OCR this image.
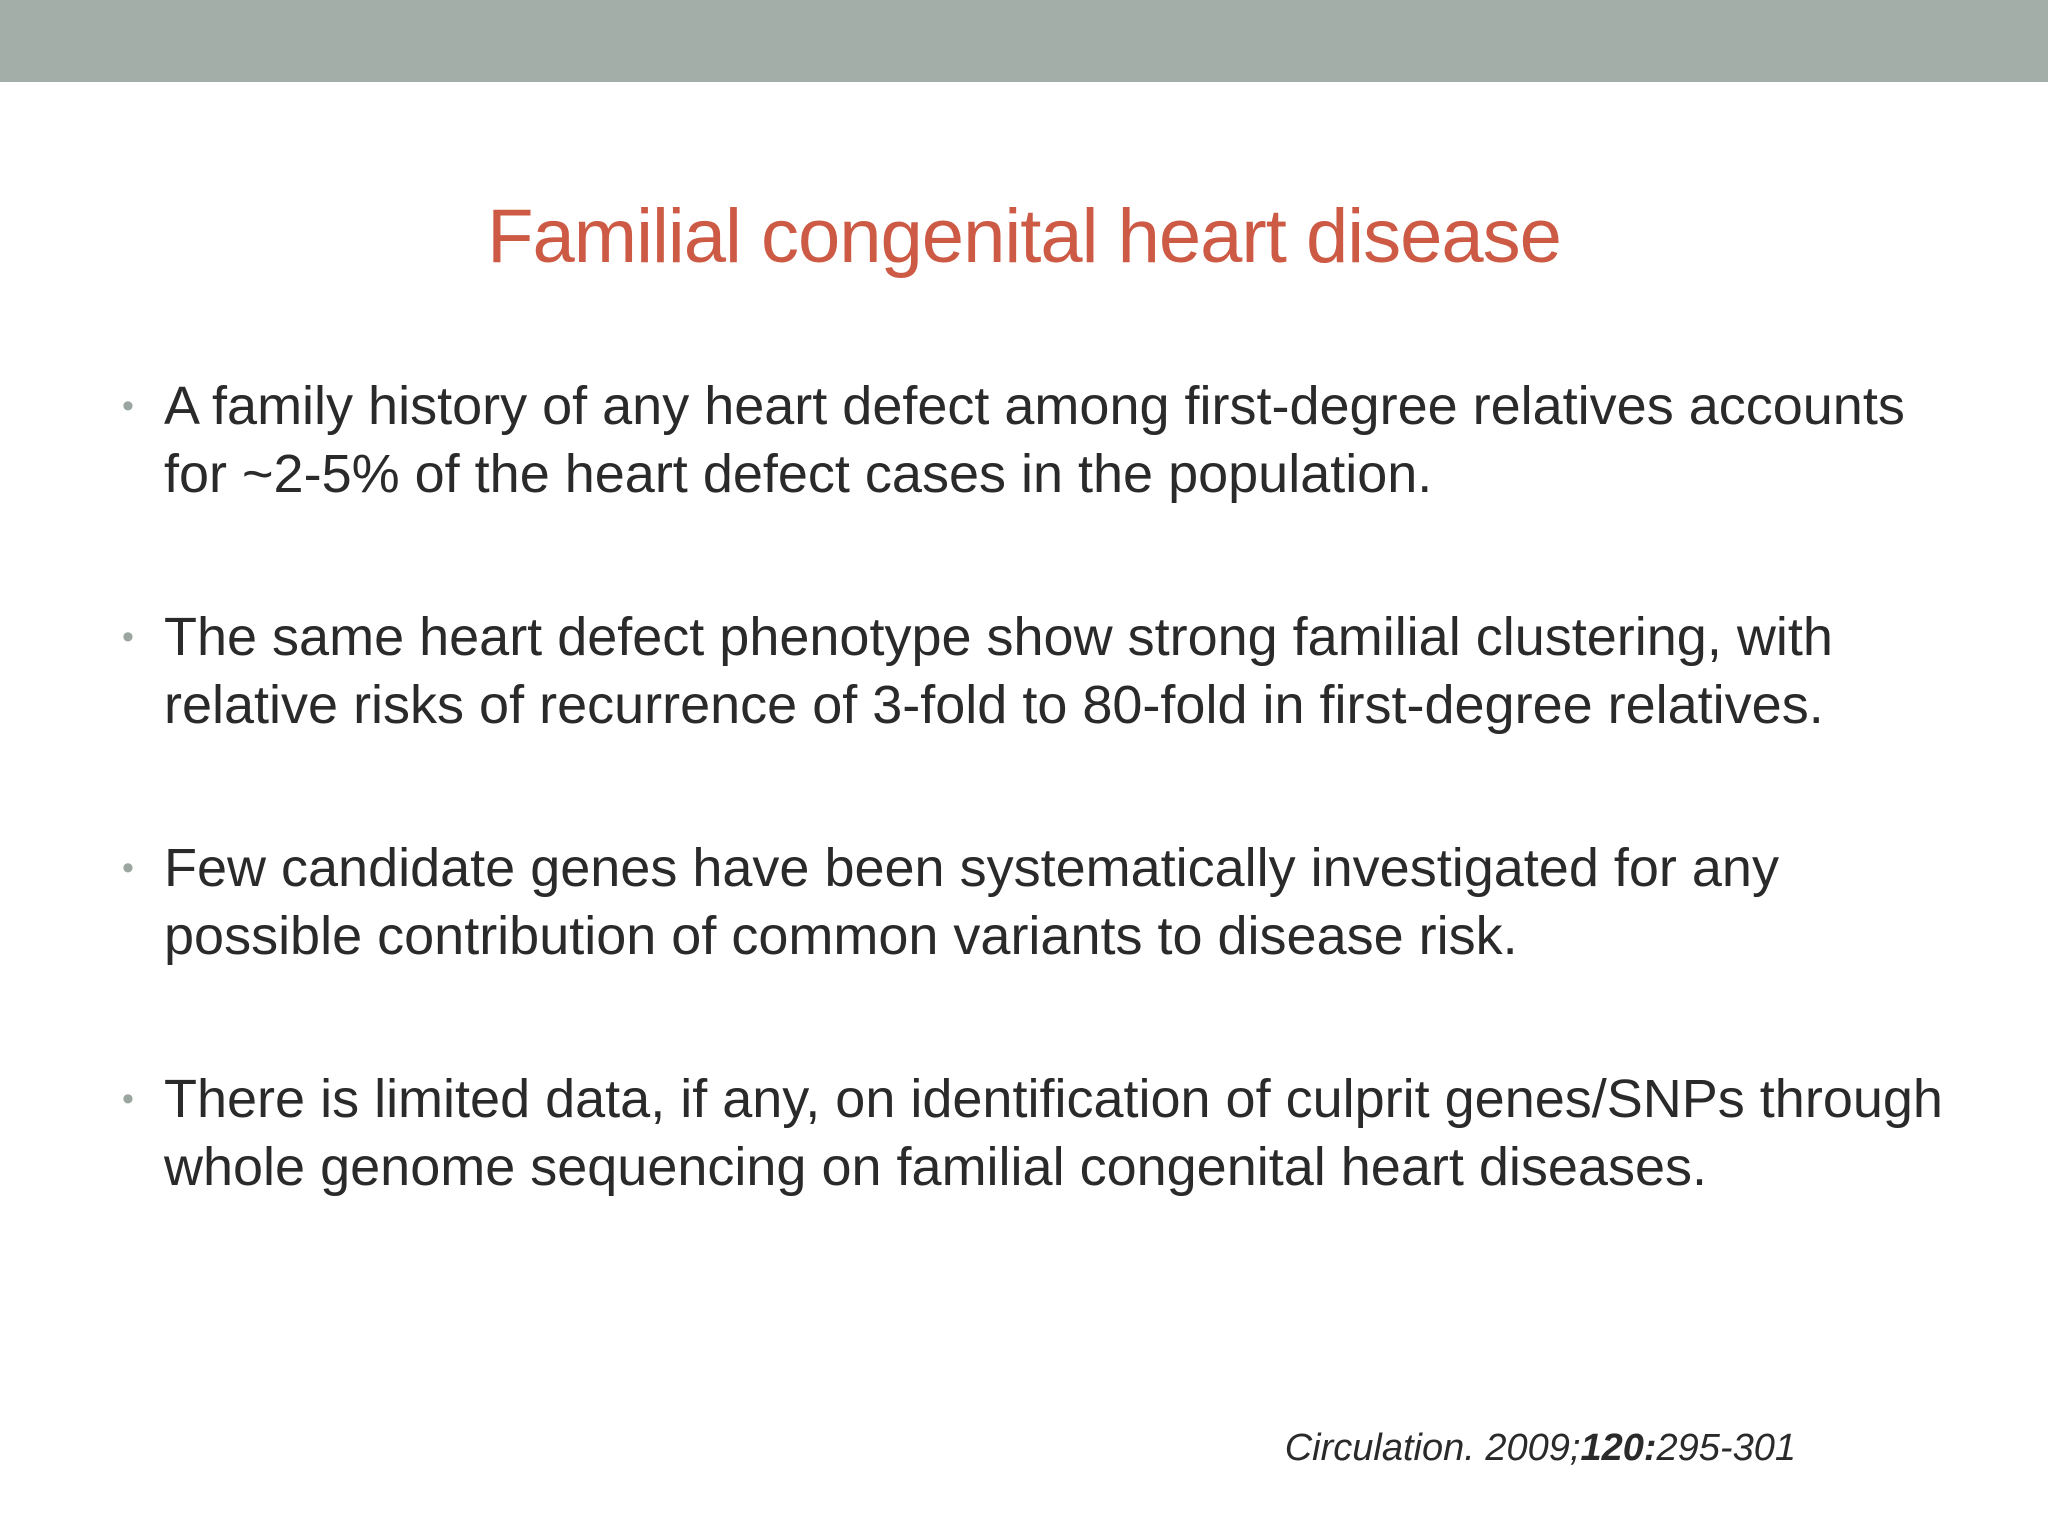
Familial congenital heart disease
• A family history of any heart defect among first-degree relatives accounts for ~2-5% of the heart defect cases in the population.
• The same heart defect phenotype show strong familial clustering, with relative risks of recurrence of 3-fold to 80-fold in first-degree relatives.
• Few candidate genes have been systematically investigated for any possible contribution of common variants to disease risk.
• There is limited data, if any, on identification of culprit genes/SNPs through whole genome sequencing on familial congenital heart diseases.
Circulation. 2009;120:295-301
